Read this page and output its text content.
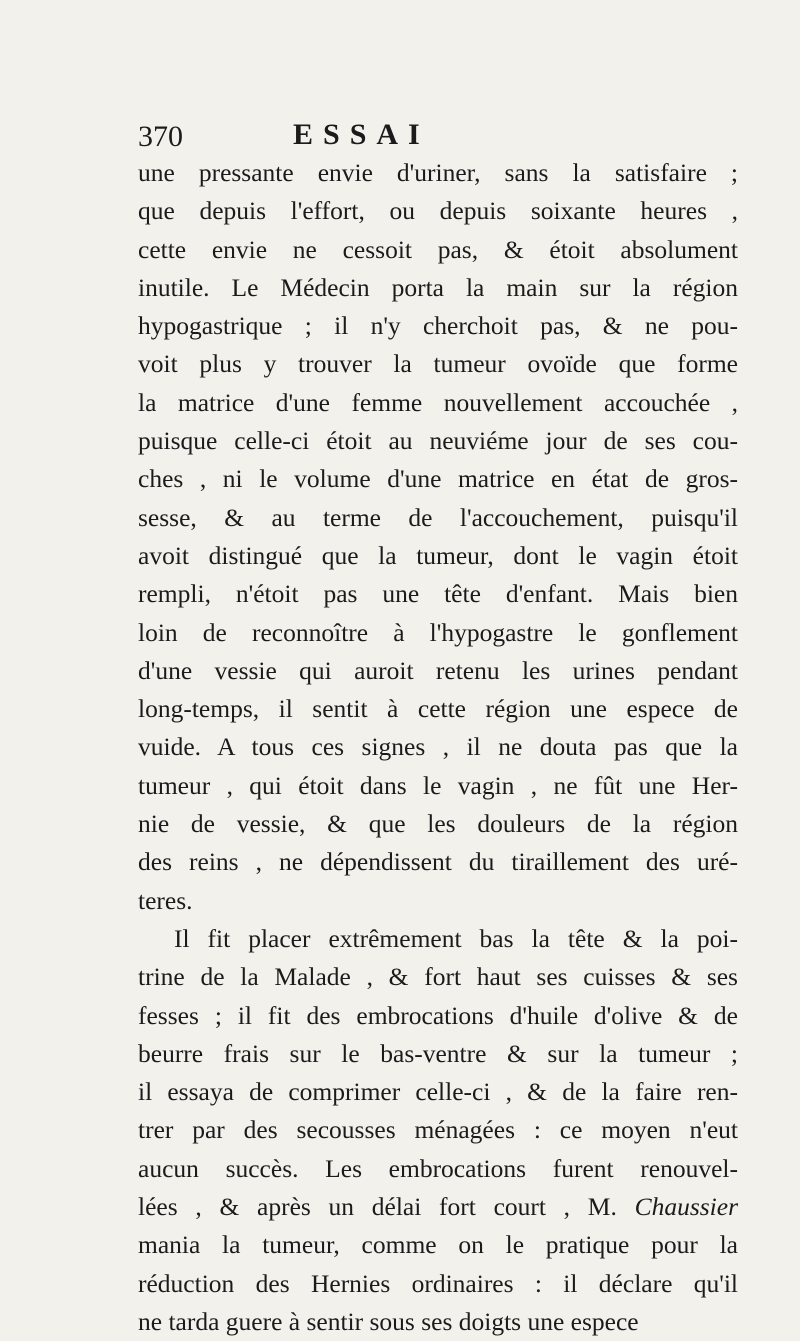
370	ESSAI
une pressante envie d'uriner, sans la satisfaire ;
que depuis l'effort, ou depuis soixante heures ,
cette envie ne cessoit pas, & étoit absolument
inutile. Le Médecin porta la main sur la région
hypogastrique ; il n'y cherchoit pas, & ne pou-
voit plus y trouver la tumeur ovoïde que forme
la matrice d'une femme nouvellement accouchée ,
puisque celle-ci étoit au neuviéme jour de ses cou-
ches , ni le volume d'une matrice en état de gros-
sesse, & au terme de l'accouchement, puisqu'il
avoit distingué que la tumeur, dont le vagin étoit
rempli, n'étoit pas une tête d'enfant. Mais bien
loin de reconnoître à l'hypogastre le gonflement
d'une vessie qui auroit retenu les urines pendant
long-temps, il sentit à cette région une espece de
vuide. A tous ces signes , il ne douta pas que la
tumeur , qui étoit dans le vagin , ne fût une Her-
nie de vessie, & que les douleurs de la région
des reins , ne dépendissent du tiraillement des uré-
teres.
Il fit placer extrêmement bas la tête & la poi-
trine de la Malade , & fort haut ses cuisses & ses
fesses ; il fit des embrocations d'huile d'olive & de
beurre frais sur le bas-ventre & sur la tumeur ;
il essaya de comprimer celle-ci , & de la faire ren-
trer par des secousses ménagées : ce moyen n'eut
aucun succès. Les embrocations furent renouvel-
lées , & après un délai fort court , M. Chaussier
mania la tumeur, comme on le pratique pour la
réduction des Hernies ordinaires : il déclare qu'il
ne tarda guere à sentir sous ses doigts une espece
